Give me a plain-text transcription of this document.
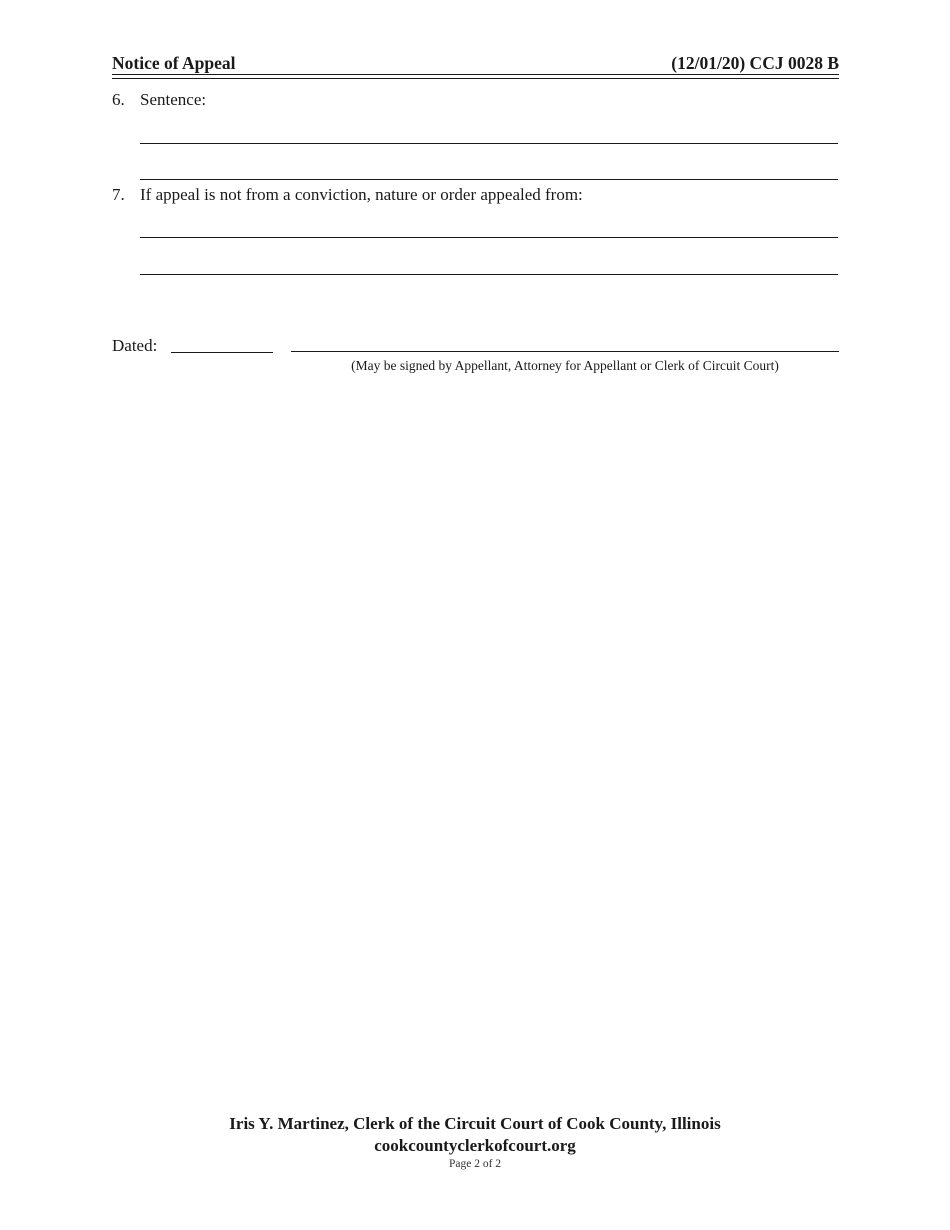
Notice of Appeal	(12/01/20) CCJ 0028 B
6. Sentence:
7. If appeal is not from a conviction, nature or order appealed from:
Dated:
(May be signed by Appellant, Attorney for Appellant or Clerk of Circuit Court)
Iris Y. Martinez, Clerk of the Circuit Court of Cook County, Illinois
cookcountyclerkofcourt.org
Page 2 of 2
